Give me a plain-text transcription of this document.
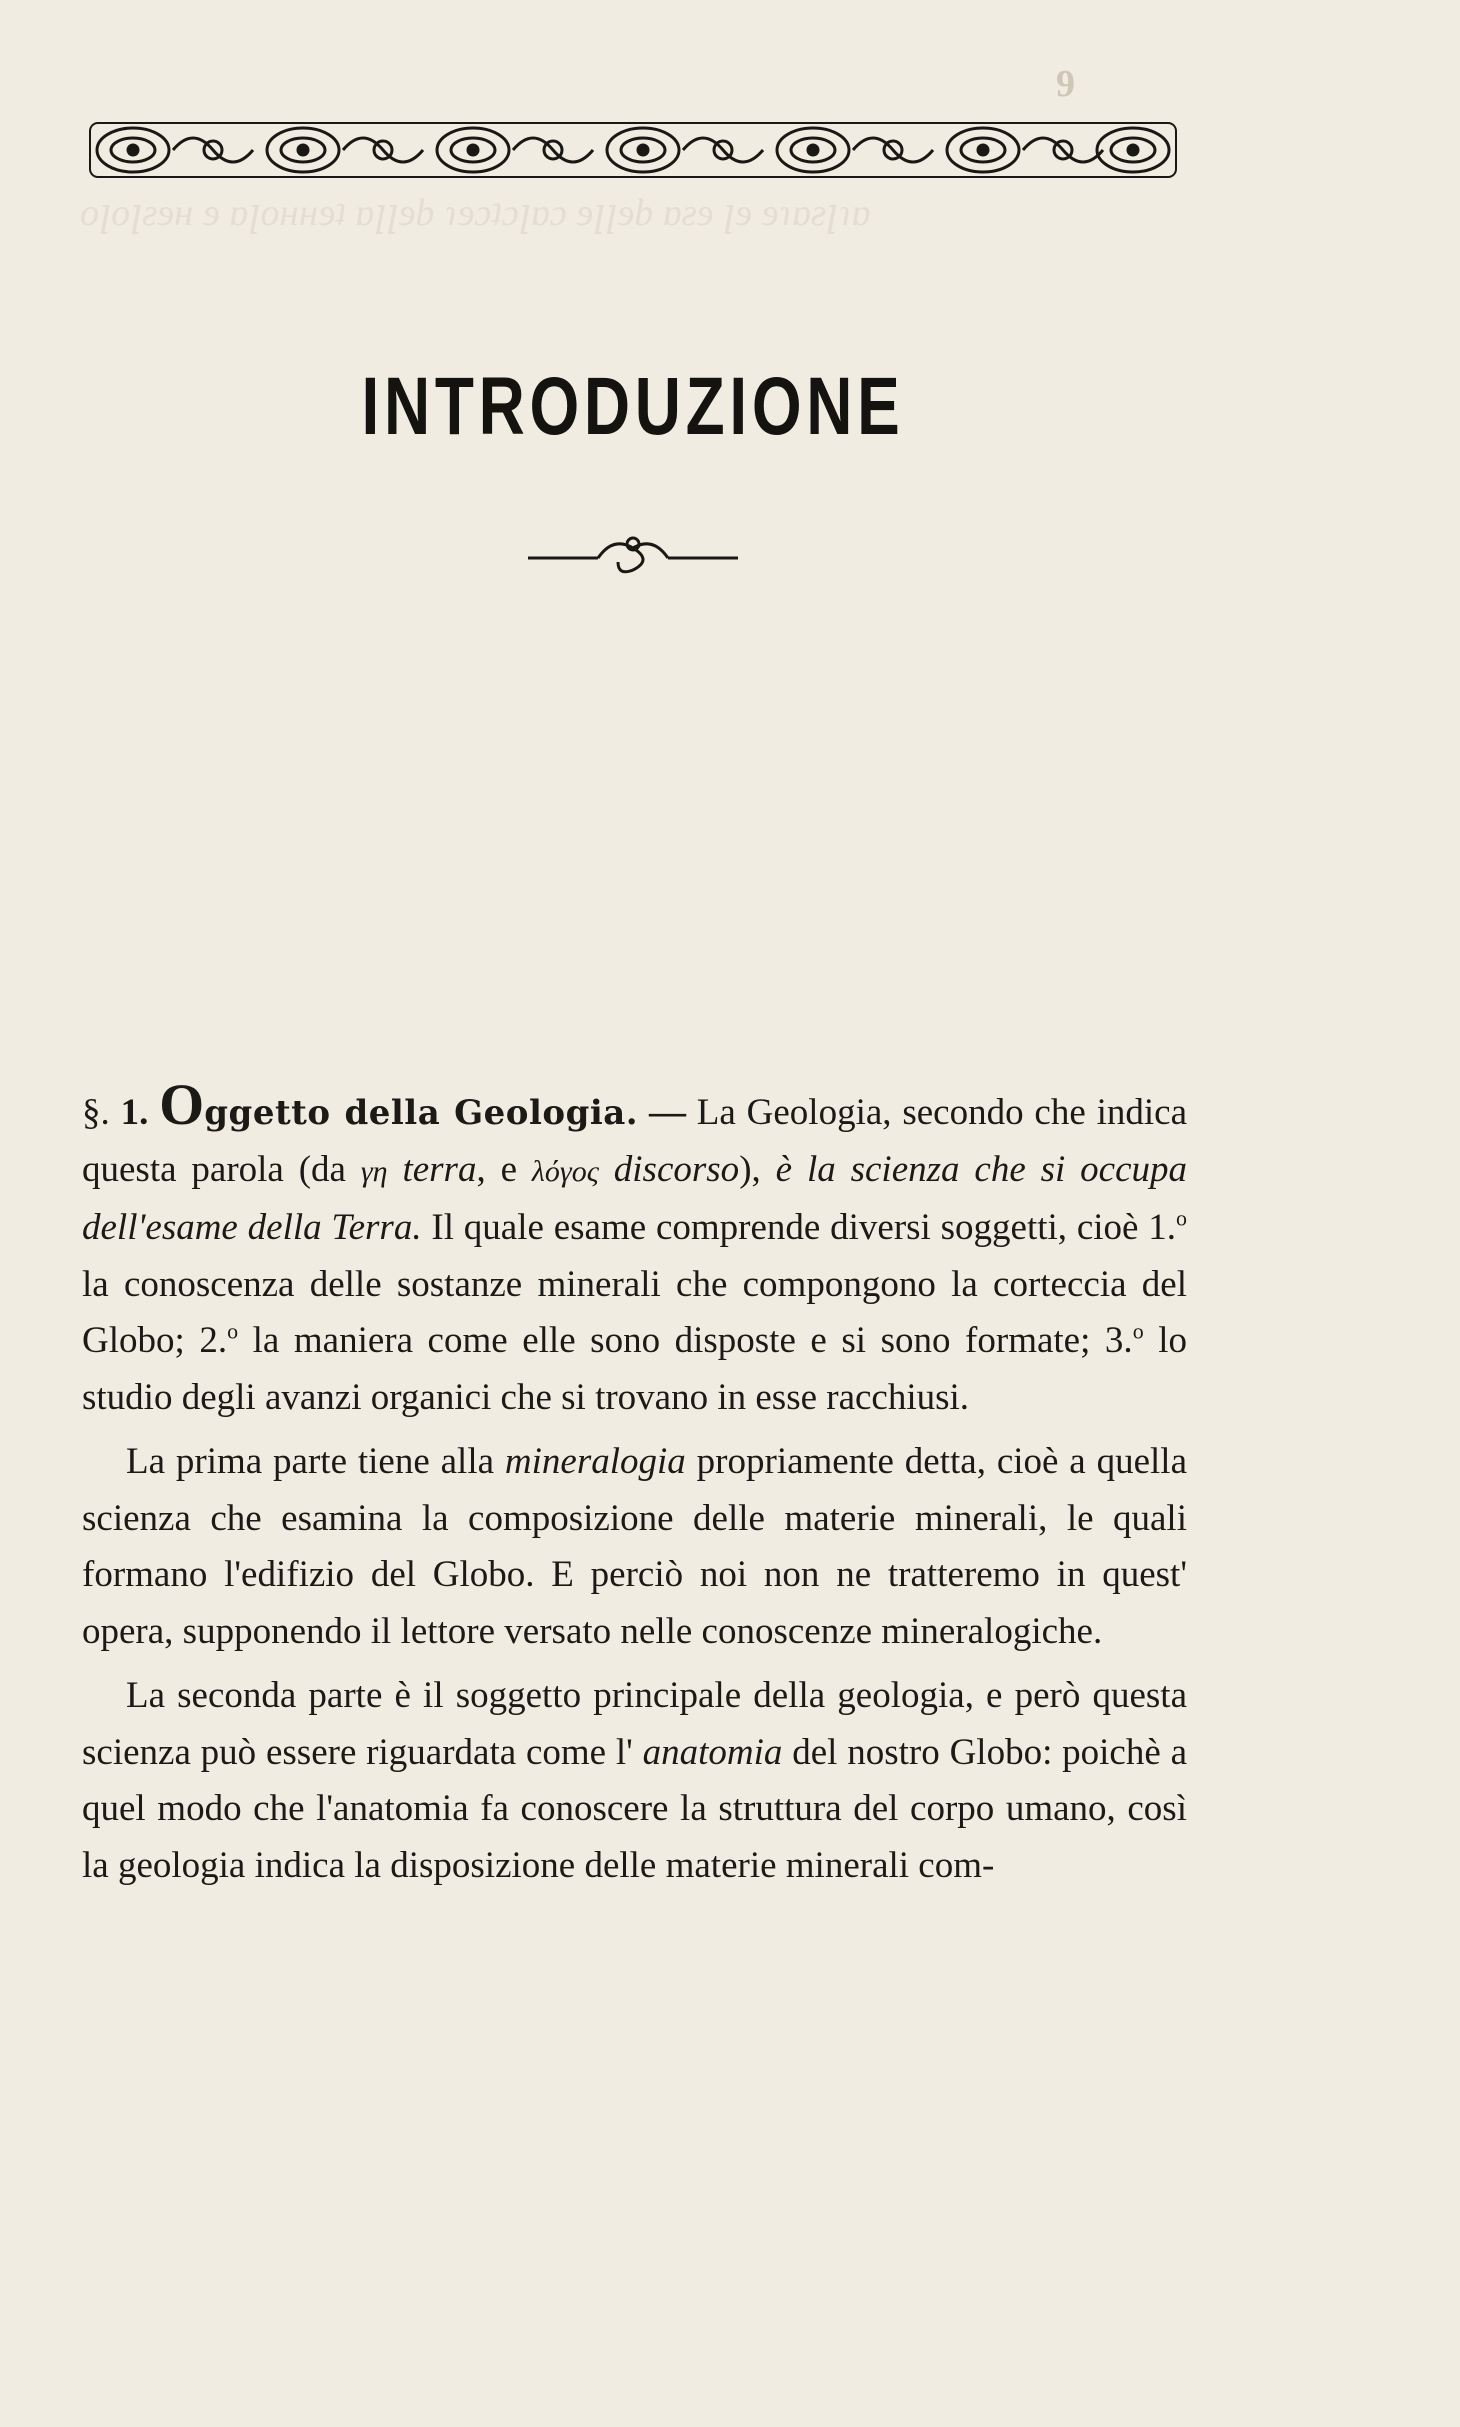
9
INTRODUZIONE
oꞁoꞁƨɘʜ ɘ ɒꞁoʜʜɘʇ ɒꞁꞁɘb ɿɘɔʇɔꞁɒɔ ɘꞁꞁɘb ɒƨɘ ꞁɘ ɘɿɒƨꞁɿɒ

§. 1. Oggetto della Geologia. — La Geologia, secondo che indica questa parola (da γη terra, e λόγος discorso), è la scienza che si occupa dell'esame della Terra. Il quale esame comprende diversi soggetti, cioè 1.$^o$ la conoscenza delle sostanze minerali che compongono la corteccia del Globo; 2.$^o$ la maniera come elle sono disposte e si sono formate; 3.$^o$ lo studio degli avanzi organici che si trovano in esse racchiusi.

La prima parte tiene alla mineralogia propriamente detta, cioè a quella scienza che esamina la composizione delle materie minerali, le quali formano l'edifizio del Globo. E perciò noi non ne tratteremo in quest' opera, supponendo il lettore versato nelle conoscenze mineralogiche.

La seconda parte è il soggetto principale della geologia, e però questa scienza può essere riguardata come l' anatomia del nostro Globo: poichè a quel modo che l'anatomia fa conoscere la struttura del corpo umano, così la geologia indica la disposizione delle materie minerali com-
